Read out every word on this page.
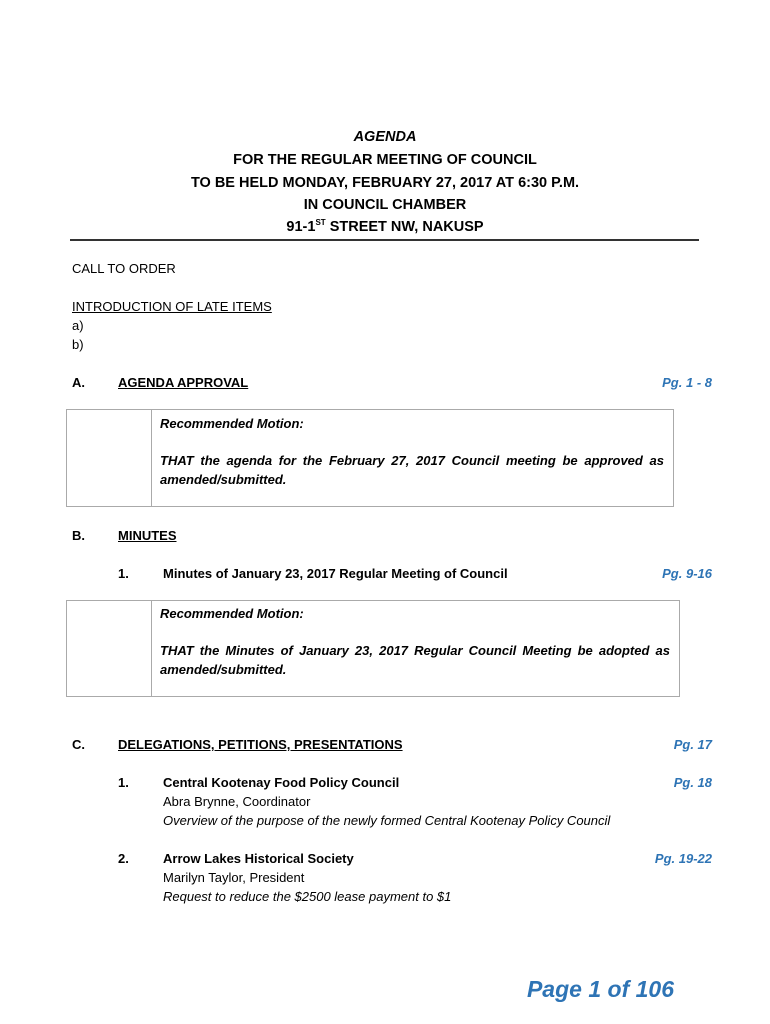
AGENDA
FOR THE REGULAR MEETING OF COUNCIL
TO BE HELD MONDAY, FEBRUARY 27, 2017 AT 6:30 P.M.
IN COUNCIL CHAMBER
91-1ST STREET NW, NAKUSP
CALL TO ORDER
INTRODUCTION OF LATE ITEMS
a)
b)
A.	AGENDA APPROVAL	Pg. 1 - 8
Recommended Motion:
THAT the agenda for the February 27, 2017 Council meeting be approved as amended/submitted.
B.	MINUTES
1.	Minutes of January 23, 2017 Regular Meeting of Council	Pg. 9-16
Recommended Motion:
THAT the Minutes of January 23, 2017 Regular Council Meeting be adopted as amended/submitted.
C.	DELEGATIONS, PETITIONS, PRESENTATIONS	Pg. 17
1.	Central Kootenay Food Policy Council	Pg. 18
Abra Brynne, Coordinator
Overview of the purpose of the newly formed Central Kootenay Policy Council
2.	Arrow Lakes Historical Society	Pg. 19-22
Marilyn Taylor, President
Request to reduce the $2500 lease payment to $1
Page 1 of 106
